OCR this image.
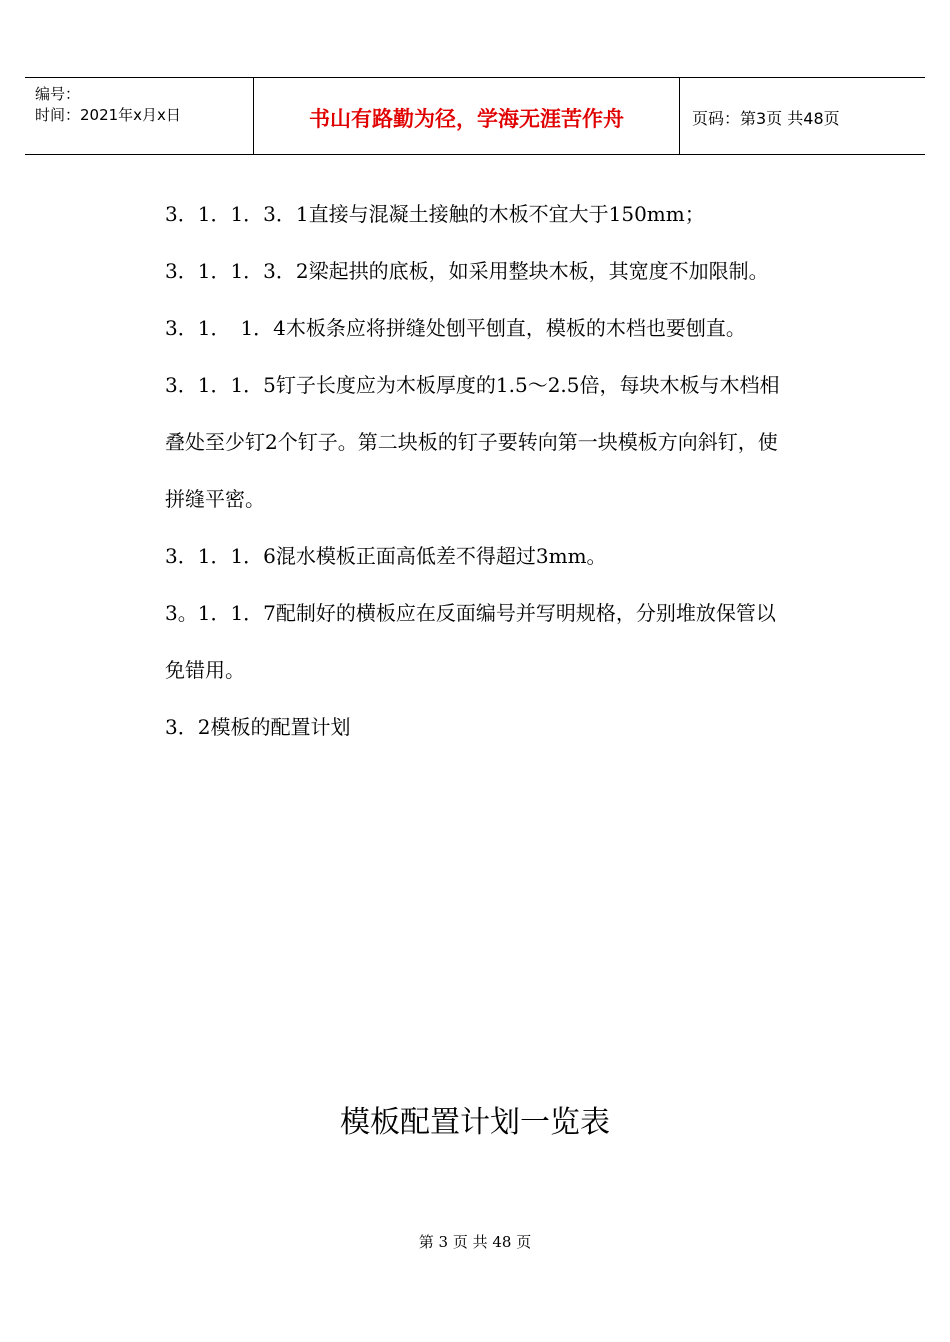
编号：
时间：2021年x月x日	书山有路勤为径，学海无涯苦作舟	页码：第3页 共48页

3．1．1．3．1直接与混凝土接触的木板不宜大于150mm；

3．1．1．3．2梁起拱的底板，如采用整块木板，其宽度不加限制。

3．1．　1．4木板条应将拼缝处刨平刨直，模板的木档也要刨直。

3．1．1．5钉子长度应为木板厚度的1.5～2.5倍，每块木板与木档相叠处至少钉2个钉子。第二块板的钉子要转向第一块模板方向斜钉，使拼缝平密。

3．1．1．6混水模板正面高低差不得超过3mm。

3。1．1．7配制好的横板应在反面编号并写明规格，分别堆放保管以免错用。

3．2模板的配置计划

模板配置计划一览表
第 3 页 共 48 页
